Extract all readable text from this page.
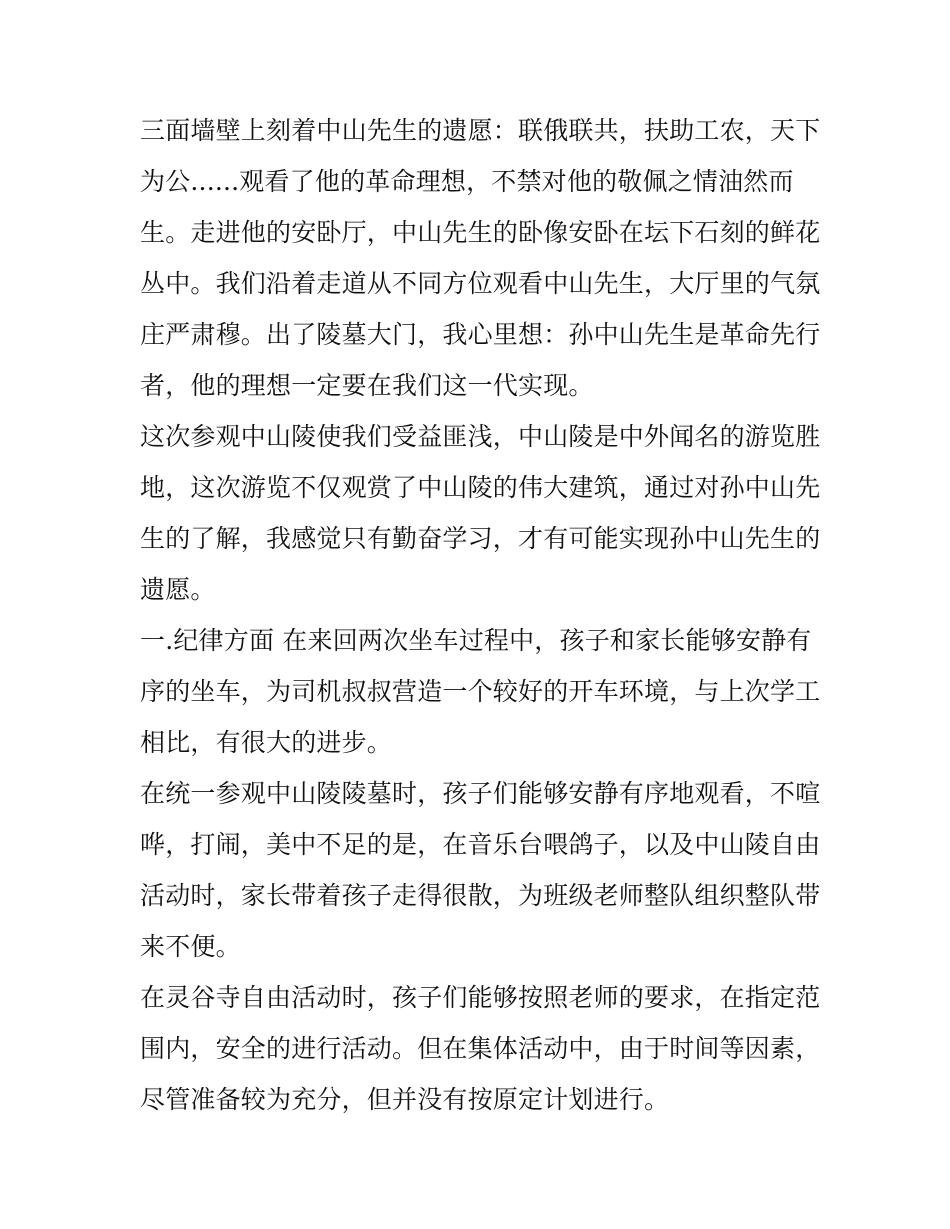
三面墙壁上刻着中山先生的遗愿：联俄联共，扶助工农，天下
为公......观看了他的革命理想，不禁对他的敬佩之情油然而
生。走进他的安卧厅，中山先生的卧像安卧在坛下石刻的鲜花
丛中。我们沿着走道从不同方位观看中山先生，大厅里的气氛
庄严肃穆。出了陵墓大门，我心里想：孙中山先生是革命先行
者，他的理想一定要在我们这一代实现。
这次参观中山陵使我们受益匪浅，中山陵是中外闻名的游览胜
地，这次游览不仅观赏了中山陵的伟大建筑，通过对孙中山先
生的了解，我感觉只有勤奋学习，才有可能实现孙中山先生的
遗愿。
一.纪律方面 在来回两次坐车过程中，孩子和家长能够安静有
序的坐车，为司机叔叔营造一个较好的开车环境，与上次学工
相比，有很大的进步。
在统一参观中山陵陵墓时，孩子们能够安静有序地观看，不喧
哗，打闹，美中不足的是，在音乐台喂鸽子，以及中山陵自由
活动时，家长带着孩子走得很散，为班级老师整队组织整队带
来不便。
在灵谷寺自由活动时，孩子们能够按照老师的要求，在指定范
围内，安全的进行活动。但在集体活动中，由于时间等因素，
尽管准备较为充分，但并没有按原定计划进行。
